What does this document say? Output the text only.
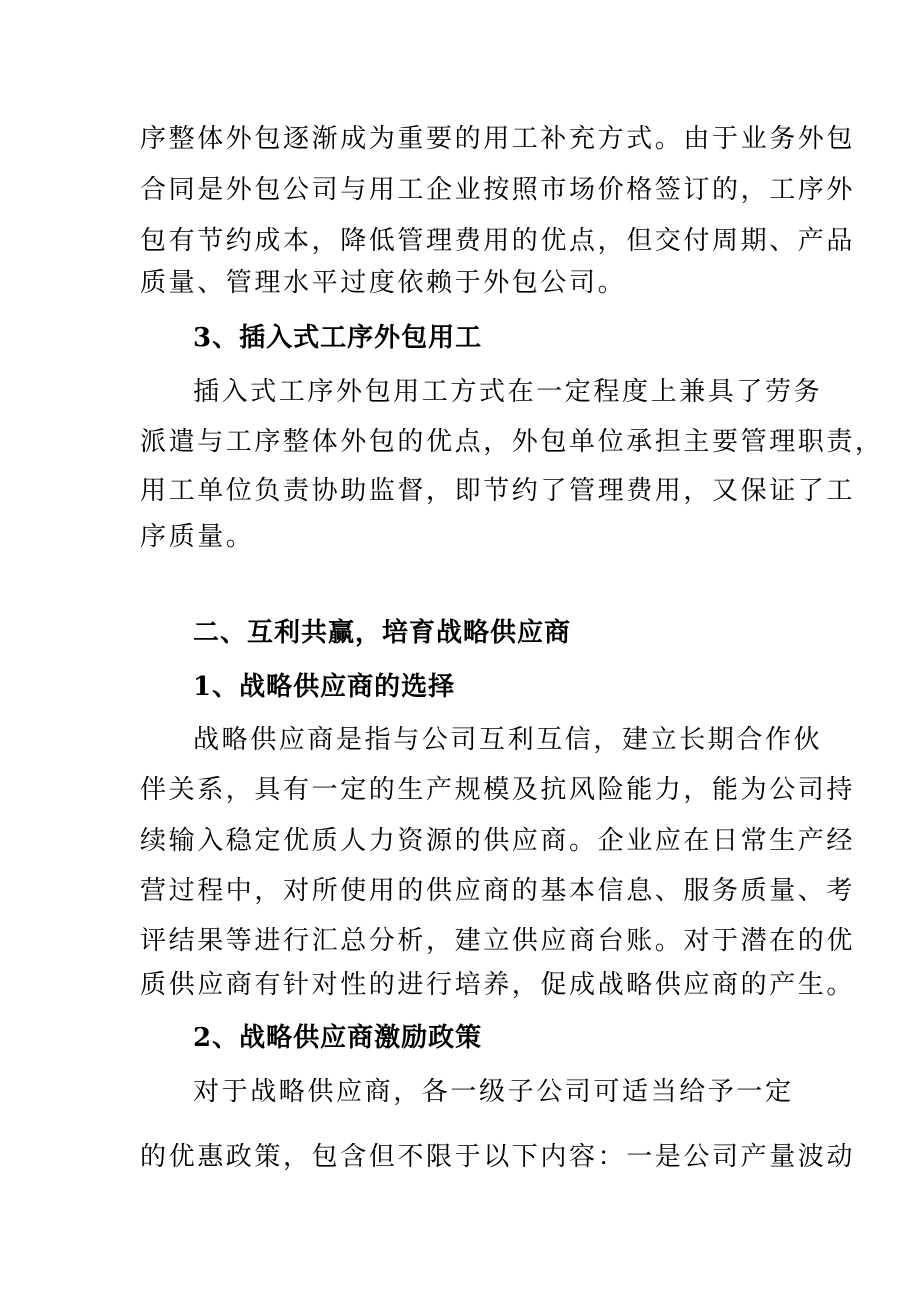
序整体外包逐渐成为重要的用工补充方式。由于业务外包
合同是外包公司与用工企业按照市场价格签订的，工序外
包有节约成本，降低管理费用的优点，但交付周期、产品
质量、管理水平过度依赖于外包公司。
3、插入式工序外包用工
插入式工序外包用工方式在一定程度上兼具了劳务
派遣与工序整体外包的优点，外包单位承担主要管理职责，
用工单位负责协助监督，即节约了管理费用，又保证了工
序质量。
二、互利共赢，培育战略供应商
1、战略供应商的选择
战略供应商是指与公司互利互信，建立长期合作伙
伴关系，具有一定的生产规模及抗风险能力，能为公司持
续输入稳定优质人力资源的供应商。企业应在日常生产经
营过程中，对所使用的供应商的基本信息、服务质量、考
评结果等进行汇总分析，建立供应商台账。对于潜在的优
质供应商有针对性的进行培养，促成战略供应商的产生。
2、战略供应商激励政策
对于战略供应商，各一级子公司可适当给予一定
的优惠政策，包含但不限于以下内容：一是公司产量波动
